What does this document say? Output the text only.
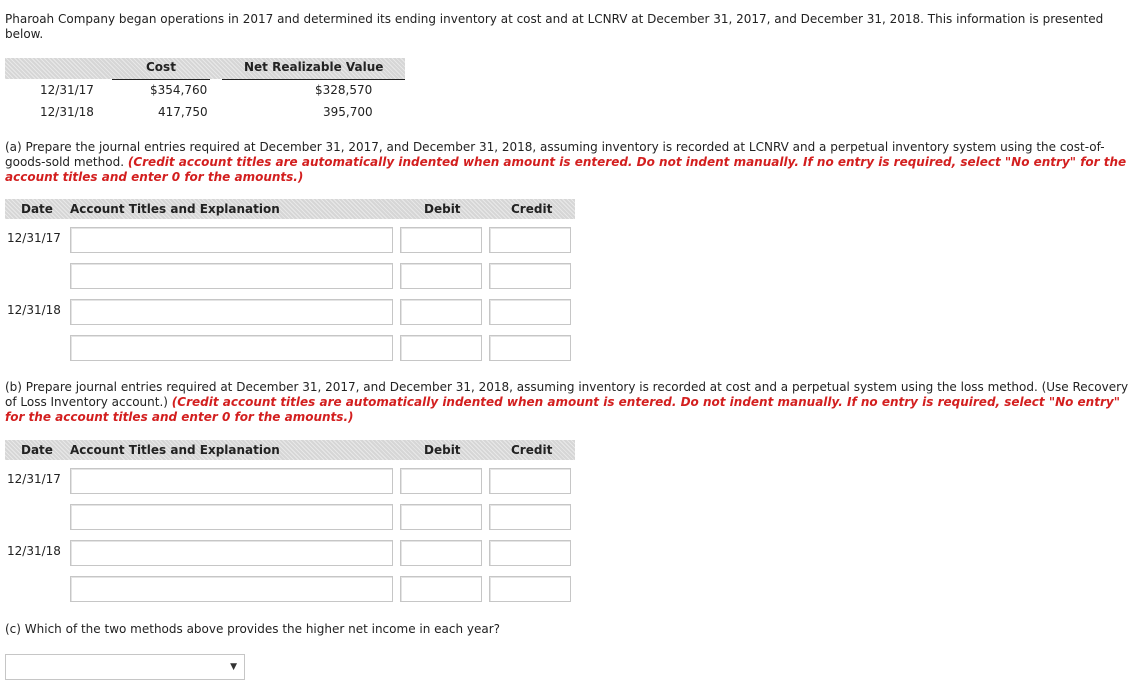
Pharoah Company began operations in 2017 and determined its ending inventory at cost and at LCNRV at December 31, 2017, and December 31, 2018. This information is presented below.
Cost	Net Realizable Value
12/31/17	$354,760	$328,570
12/31/18	417,750	395,700
(a) Prepare the journal entries required at December 31, 2017, and December 31, 2018, assuming inventory is recorded at LCNRV and a perpetual inventory system using the cost-of-goods-sold method. (Credit account titles are automatically indented when amount is entered. Do not indent manually. If no entry is required, select "No entry" for the account titles and enter 0 for the amounts.)
Date Account Titles and Explanation	Debit	Credit
12/31/17
12/31/18
(b) Prepare journal entries required at December 31, 2017, and December 31, 2018, assuming inventory is recorded at cost and a perpetual system using the loss method. (Use Recovery of Loss Inventory account.) (Credit account titles are automatically indented when amount is entered. Do not indent manually. If no entry is required, select "No entry" for the account titles and enter 0 for the amounts.)
Date Account Titles and Explanation	Debit	Credit
12/31/17
12/31/18
(c) Which of the two methods above provides the higher net income in each year?
▼
